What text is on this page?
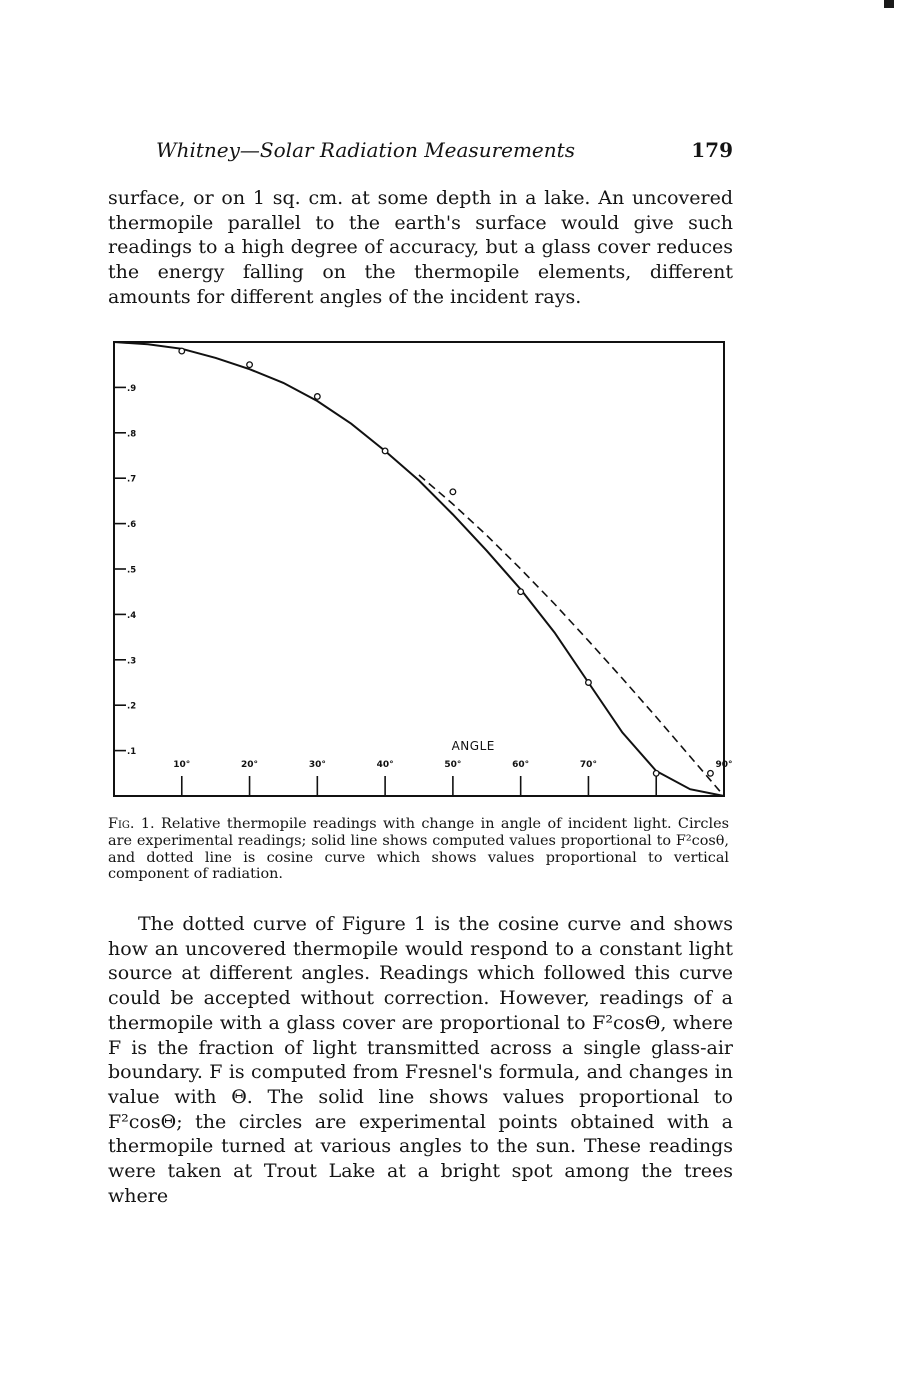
Whitney—Solar Radiation Measurements	179

surface, or on 1 sq. cm. at some depth in a lake. An uncovered thermopile parallel to the earth's surface would give such readings to a high degree of accuracy, but a glass cover reduces the energy falling on the thermopile elements, different amounts for different angles of the incident rays.

.1
.2
.3
.4
.5
.6
.7
.8
.9
10°	20°	30°	40°	50°	60°	70°	90°
ANGLE

Fig. 1. Relative thermopile readings with change in angle of incident light. Circles are experimental readings; solid line shows computed values proportional to F²cosθ, and dotted line is cosine curve which shows values proportional to vertical component of radiation.

The dotted curve of Figure 1 is the cosine curve and shows how an uncovered thermopile would respond to a constant light source at different angles. Readings which followed this curve could be accepted without correction. However, readings of a thermopile with a glass cover are proportional to F²cosΘ, where F is the fraction of light transmitted across a single glass-air boundary. F is computed from Fresnel's formula, and changes in value with Θ. The solid line shows values proportional to F²cosΘ; the circles are experimental points obtained with a thermopile turned at various angles to the sun. These readings were taken at Trout Lake at a bright spot among the trees where
